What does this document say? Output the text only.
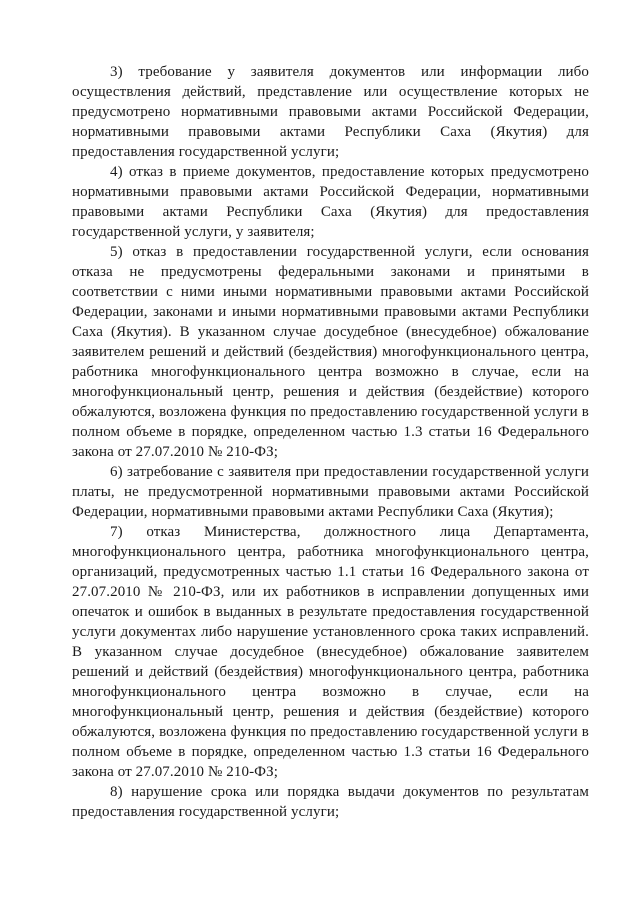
3) требование у заявителя документов или информации либо осуществления действий, представление или осуществление которых не предусмотрено нормативными правовыми актами Российской Федерации, нормативными правовыми актами Республики Саха (Якутия) для предоставления государственной услуги;

4) отказ в приеме документов, предоставление которых предусмотрено нормативными правовыми актами Российской Федерации, нормативными правовыми актами Республики Саха (Якутия) для предоставления государственной услуги, у заявителя;

5) отказ в предоставлении государственной услуги, если основания отказа не предусмотрены федеральными законами и принятыми в соответствии с ними иными нормативными правовыми актами Российской Федерации, законами и иными нормативными правовыми актами Республики Саха (Якутия). В указанном случае досудебное (внесудебное) обжалование заявителем решений и действий (бездействия) многофункционального центра, работника многофункционального центра возможно в случае, если на многофункциональный центр, решения и действия (бездействие) которого обжалуются, возложена функция по предоставлению государственной услуги в полном объеме в порядке, определенном частью 1.3 статьи 16 Федерального закона от 27.07.2010 № 210-ФЗ;

6) затребование с заявителя при предоставлении государственной услуги платы, не предусмотренной нормативными правовыми актами Российской Федерации, нормативными правовыми актами Республики Саха (Якутия);

7) отказ Министерства, должностного лица Департамента, многофункционального центра, работника многофункционального центра, организаций, предусмотренных частью 1.1 статьи 16 Федерального закона от 27.07.2010 № 210-ФЗ, или их работников в исправлении допущенных ими опечаток и ошибок в выданных в результате предоставления государственной услуги документах либо нарушение установленного срока таких исправлений. В указанном случае досудебное (внесудебное) обжалование заявителем решений и действий (бездействия) многофункционального центра, работника многофункционального центра возможно в случае, если на многофункциональный центр, решения и действия (бездействие) которого обжалуются, возложена функция по предоставлению государственной услуги в полном объеме в порядке, определенном частью 1.3 статьи 16 Федерального закона от 27.07.2010 № 210-ФЗ;

8) нарушение срока или порядка выдачи документов по результатам предоставления государственной услуги;
